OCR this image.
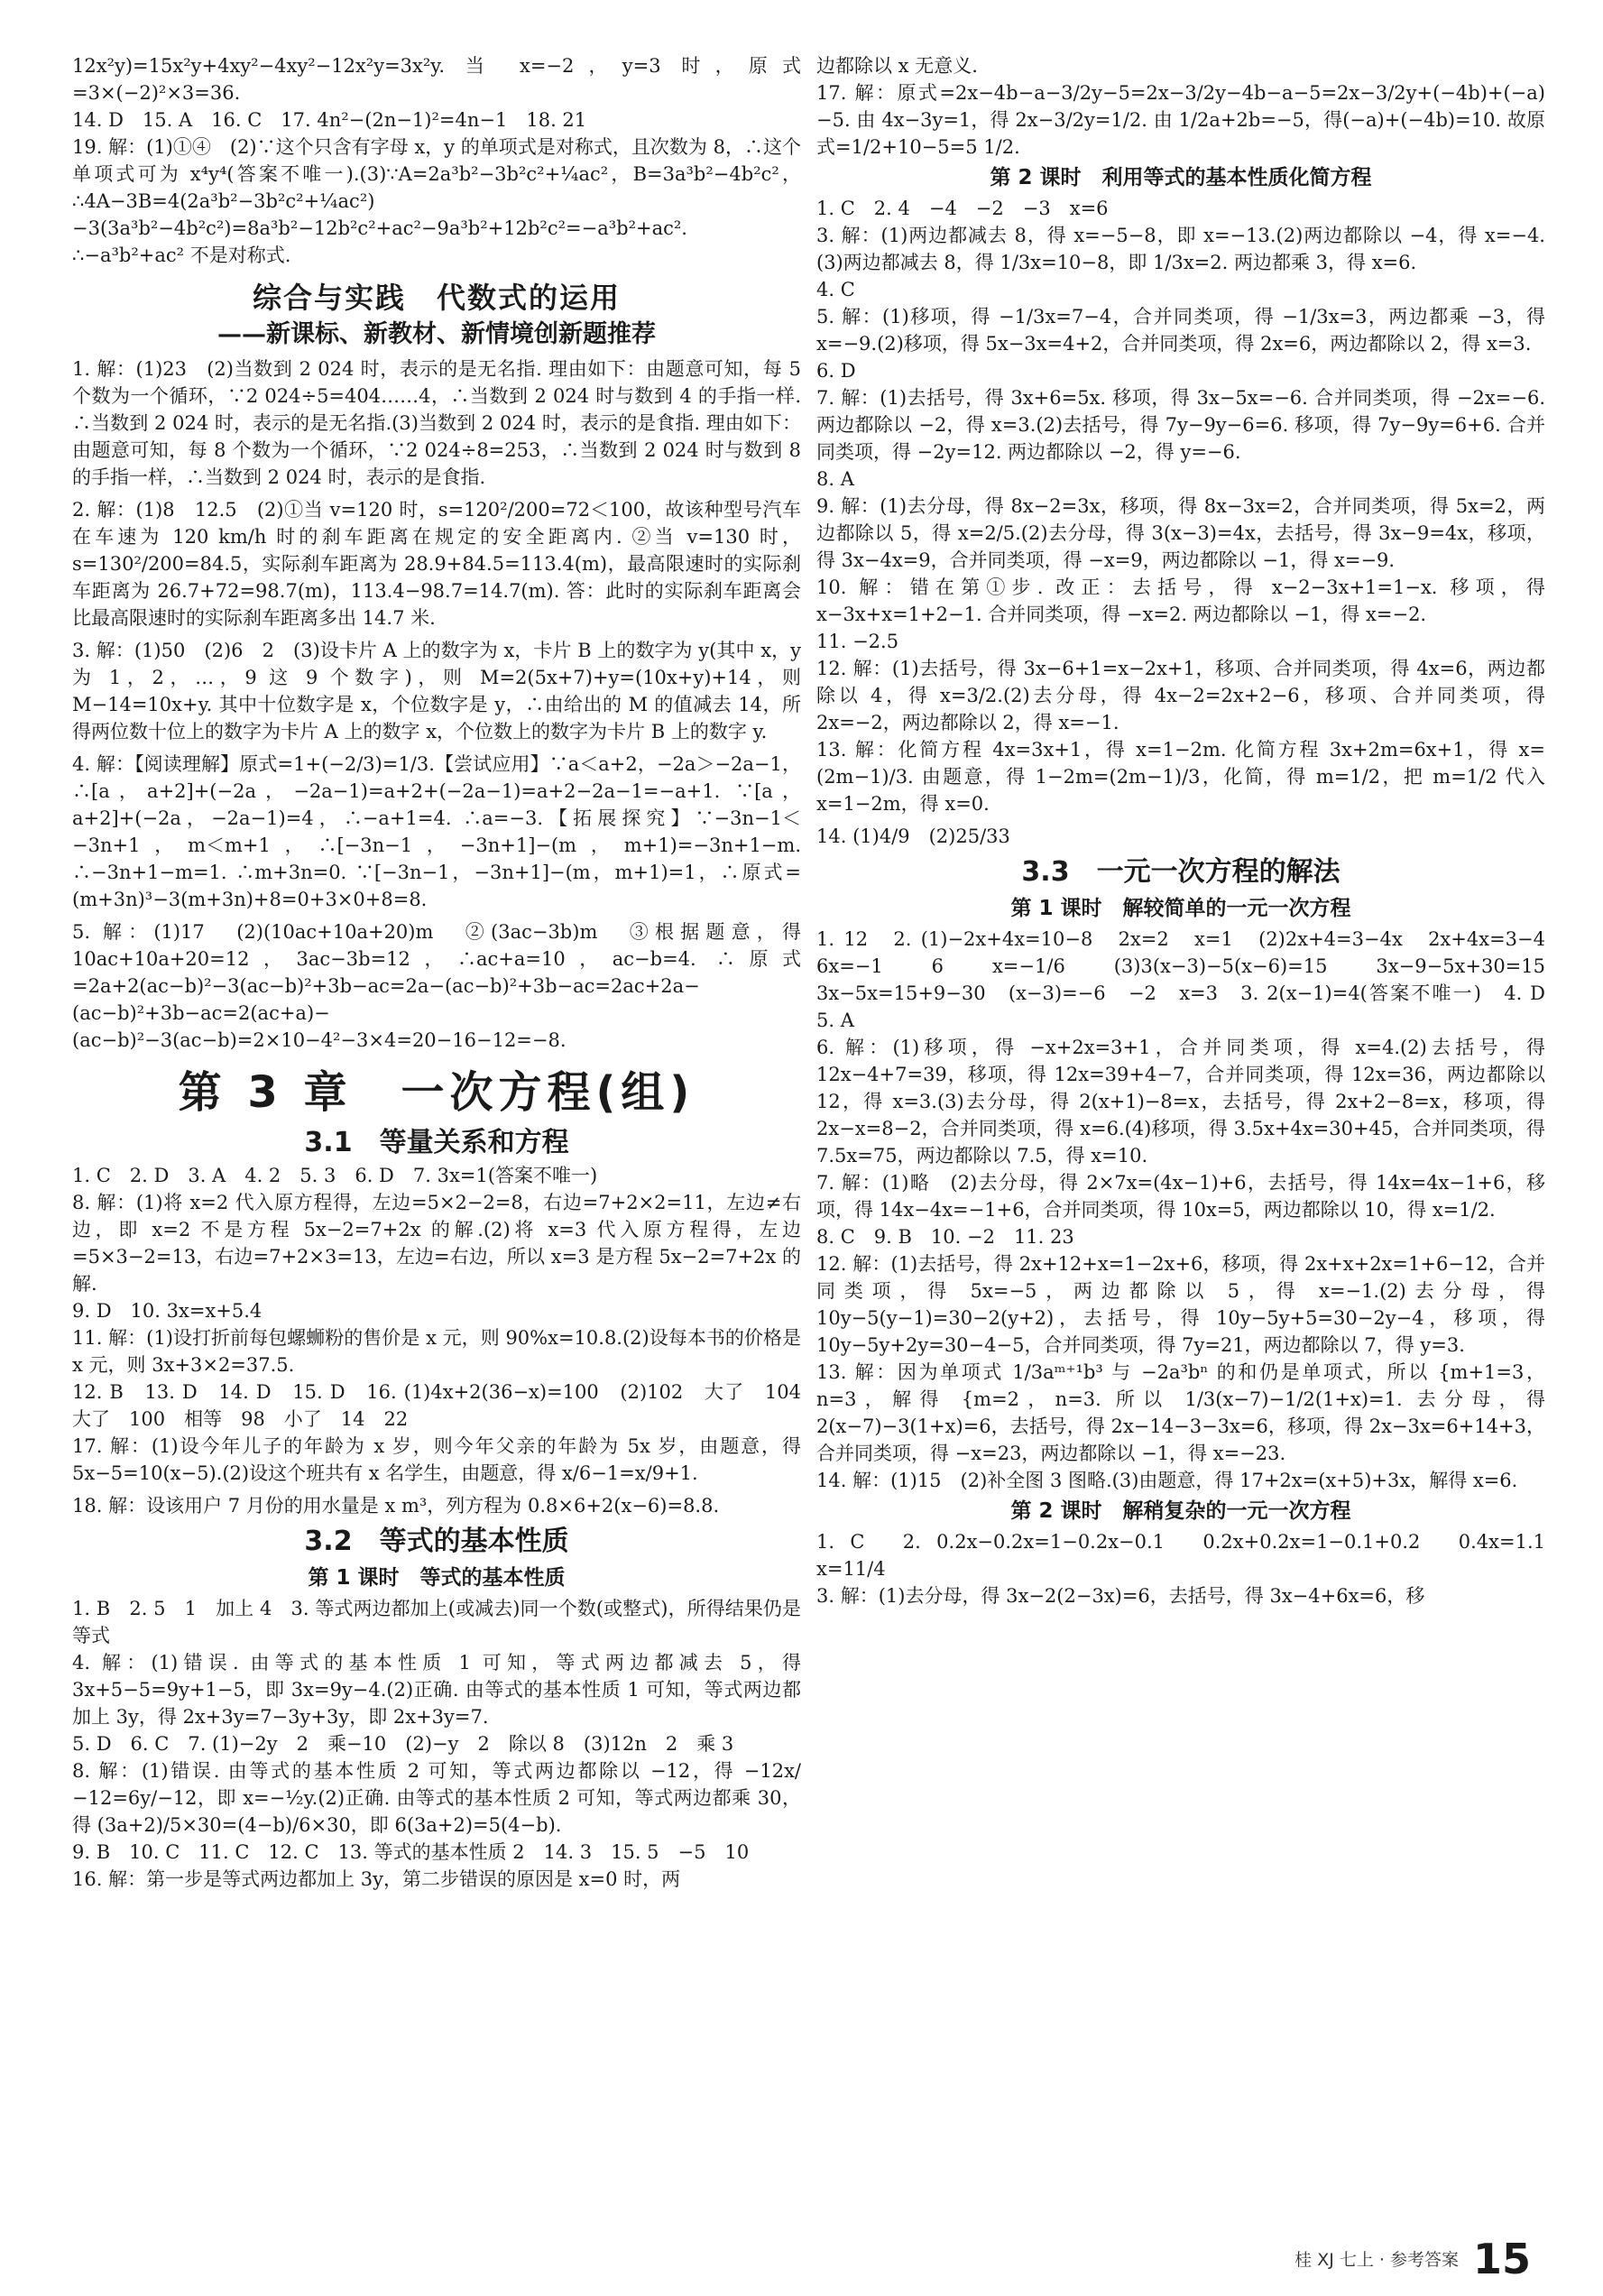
12x²y)=15x²y+4xy²−4xy²−12x²y=3x²y. 当 x=−2，y=3 时，原式=3×(−2)²×3=36.

14. D　15. A　16. C　17. 4n²−(2n−1)²=4n−1　18. 21

19. 解：(1)①④　(2)∵这个只含有字母 x，y 的单项式是对称式，且次数为 8，∴这个单项式可为 x⁴y⁴(答案不唯一).(3)∵A=2a³b²−3b²c²+¼ac²，B=3a³b²−4b²c²，∴4A−3B=4(2a³b²−3b²c²+¼ac²)−3(3a³b²−4b²c²)=8a³b²−12b²c²+ac²−9a³b²+12b²c²=−a³b²+ac². ∴−a³b²+ac² 不是对称式.

综合与实践　代数式的运用
——新课标、新教材、新情境创新题推荐

1. 解：(1)23　(2)当数到 2 024 时，表示的是无名指. 理由如下：由题意可知，每 5 个数为一个循环，∵2 024÷5=404……4，∴当数到 2 024 时与数到 4 的手指一样. ∴当数到 2 024 时，表示的是无名指.(3)当数到 2 024 时，表示的是食指. 理由如下：由题意可知，每 8 个数为一个循环，∵2 024÷8=253，∴当数到 2 024 时与数到 8 的手指一样，∴当数到 2 024 时，表示的是食指.

2. 解：(1)8　12.5　(2)①当 v=120 时，s=120²/200=72＜100，故该种型号汽车在车速为 120 km/h 时的刹车距离在规定的安全距离内. ②当 v=130 时，s=130²/200=84.5，实际刹车距离为 28.9+84.5=113.4(m)，最高限速时的实际刹车距离为 26.7+72=98.7(m)，113.4−98.7=14.7(m). 答：此时的实际刹车距离会比最高限速时的实际刹车距离多出 14.7 米.

3. 解：(1)50　(2)6　2　(3)设卡片 A 上的数字为 x，卡片 B 上的数字为 y(其中 x，y 为 1，2，…，9 这 9 个数字)，则 M=2(5x+7)+y=(10x+y)+14，则 M−14=10x+y. 其中十位数字是 x，个位数字是 y，∴由给出的 M 的值减去 14，所得两位数十位上的数字为卡片 A 上的数字 x，个位数上的数字为卡片 B 上的数字 y.

4. 解：【阅读理解】原式=1+(−2/3)=1/3.【尝试应用】∵a＜a+2，−2a＞−2a−1，∴[a，a+2]+(−2a，−2a−1)=a+2+(−2a−1)=a+2−2a−1=−a+1. ∵[a，a+2]+(−2a，−2a−1)=4，∴−a+1=4. ∴a=−3.【拓展探究】∵−3n−1＜−3n+1，m＜m+1，∴[−3n−1，−3n+1]−(m，m+1)=−3n+1−m. ∴−3n+1−m=1. ∴m+3n=0. ∵[−3n−1，−3n+1]−(m，m+1)=1，∴原式=(m+3n)³−3(m+3n)+8=0+3×0+8=8.

5. 解：(1)17　(2)(10ac+10a+20)m　②(3ac−3b)m　③根据题意，得 10ac+10a+20=12，3ac−3b=12，∴ac+a=10，ac−b=4. ∴原式=2a+2(ac−b)²−3(ac−b)²+3b−ac=2a−(ac−b)²+3b−ac=2ac+2a−(ac−b)²+3b−ac=2(ac+a)−(ac−b)²−3(ac−b)=2×10−4²−3×4=20−16−12=−8.

第 3 章　一次方程(组)
3.1　等量关系和方程

1. C　2. D　3. A　4. 2　5. 3　6. D　7. 3x=1(答案不唯一)

8. 解：(1)将 x=2 代入原方程得，左边=5×2−2=8，右边=7+2×2=11，左边≠右边，即 x=2 不是方程 5x−2=7+2x 的解.(2)将 x=3 代入原方程得，左边=5×3−2=13，右边=7+2×3=13，左边=右边，所以 x=3 是方程 5x−2=7+2x 的解.

9. D　10. 3x=x+5.4

11. 解：(1)设打折前每包螺蛳粉的售价是 x 元，则 90%x=10.8.(2)设每本书的价格是 x 元，则 3x+3×2=37.5.

12. B　13. D　14. D　15. D　16. (1)4x+2(36−x)=100　(2)102　大了　104　大了　100　相等　98　小了　14　22

17. 解：(1)设今年儿子的年龄为 x 岁，则今年父亲的年龄为 5x 岁，由题意，得 5x−5=10(x−5).(2)设这个班共有 x 名学生，由题意，得 x/6−1=x/9+1.

18. 解：设该用户 7 月份的用水量是 x m³，列方程为 0.8×6+2(x−6)=8.8.

3.2　等式的基本性质
第 1 课时　等式的基本性质

1. B　2. 5　1　加上 4　3. 等式两边都加上(或减去)同一个数(或整式)，所得结果仍是等式

4. 解：(1)错误. 由等式的基本性质 1 可知，等式两边都减去 5，得 3x+5−5=9y+1−5，即 3x=9y−4.(2)正确. 由等式的基本性质 1 可知，等式两边都加上 3y，得 2x+3y=7−3y+3y，即 2x+3y=7.

5. D　6. C　7. (1)−2y　2　乘−10　(2)−y　2　除以 8　(3)12n　2　乘 3

8. 解：(1)错误. 由等式的基本性质 2 可知，等式两边都除以 −12，得 −12x/−12=6y/−12，即 x=−½y.(2)正确. 由等式的基本性质 2 可知，等式两边都乘 30，得 (3a+2)/5×30=(4−b)/6×30，即 6(3a+2)=5(4−b).

9. B　10. C　11. C　12. C　13. 等式的基本性质 2　14. 3　15. 5　−5　10

16. 解：第一步是等式两边都加上 3y，第二步错误的原因是 x=0 时，两

边都除以 x 无意义.

17. 解：原式=2x−4b−a−3/2y−5=2x−3/2y−4b−a−5=2x−3/2y+(−4b)+(−a)−5. 由 4x−3y=1，得 2x−3/2y=1/2. 由 1/2a+2b=−5，得(−a)+(−4b)=10. 故原式=1/2+10−5=5 1/2.

第 2 课时　利用等式的基本性质化简方程

1. C　2. 4　−4　−2　−3　x=6

3. 解：(1)两边都减去 8，得 x=−5−8，即 x=−13.(2)两边都除以 −4，得 x=−4.(3)两边都减去 8，得 1/3x=10−8，即 1/3x=2. 两边都乘 3，得 x=6.

4. C

5. 解：(1)移项，得 −1/3x=7−4，合并同类项，得 −1/3x=3，两边都乘 −3，得 x=−9.(2)移项，得 5x−3x=4+2，合并同类项，得 2x=6，两边都除以 2，得 x=3.

6. D

7. 解：(1)去括号，得 3x+6=5x. 移项，得 3x−5x=−6. 合并同类项，得 −2x=−6. 两边都除以 −2，得 x=3.(2)去括号，得 7y−9y−6=6. 移项，得 7y−9y=6+6. 合并同类项，得 −2y=12. 两边都除以 −2，得 y=−6.

8. A

9. 解：(1)去分母，得 8x−2=3x，移项，得 8x−3x=2，合并同类项，得 5x=2，两边都除以 5，得 x=2/5.(2)去分母，得 3(x−3)=4x，去括号，得 3x−9=4x，移项，得 3x−4x=9，合并同类项，得 −x=9，两边都除以 −1，得 x=−9.

10. 解：错在第①步. 改正：去括号，得 x−2−3x+1=1−x. 移项，得 x−3x+x=1+2−1. 合并同类项，得 −x=2. 两边都除以 −1，得 x=−2.

11. −2.5

12. 解：(1)去括号，得 3x−6+1=x−2x+1，移项、合并同类项，得 4x=6，两边都除以 4，得 x=3/2.(2)去分母，得 4x−2=2x+2−6，移项、合并同类项，得 2x=−2，两边都除以 2，得 x=−1.

13. 解：化简方程 4x=3x+1，得 x=1−2m. 化简方程 3x+2m=6x+1，得 x=(2m−1)/3. 由题意，得 1−2m=(2m−1)/3，化简，得 m=1/2，把 m=1/2 代入 x=1−2m，得 x=0.

14. (1)4/9　(2)25/33

3.3　一元一次方程的解法
第 1 课时　解较简单的一元一次方程

1. 12　2. (1)−2x+4x=10−8　2x=2　x=1　(2)2x+4=3−4x　2x+4x=3−4　6x=−1　6　x=−1/6　(3)3(x−3)−5(x−6)=15　3x−9−5x+30=15　3x−5x=15+9−30　(x−3)=−6　−2　x=3　3. 2(x−1)=4(答案不唯一)　4. D　5. A

6. 解：(1)移项，得 −x+2x=3+1，合并同类项，得 x=4.(2)去括号，得 12x−4+7=39，移项，得 12x=39+4−7，合并同类项，得 12x=36，两边都除以 12，得 x=3.(3)去分母，得 2(x+1)−8=x，去括号，得 2x+2−8=x，移项，得 2x−x=8−2，合并同类项，得 x=6.(4)移项，得 3.5x+4x=30+45，合并同类项，得 7.5x=75，两边都除以 7.5，得 x=10.

7. 解：(1)略　(2)去分母，得 2×7x=(4x−1)+6，去括号，得 14x=4x−1+6，移项，得 14x−4x=−1+6，合并同类项，得 10x=5，两边都除以 10，得 x=1/2.

8. C　9. B　10. −2　11. 23

12. 解：(1)去括号，得 2x+12+x=1−2x+6，移项，得 2x+x+2x=1+6−12，合并同类项，得 5x=−5，两边都除以 5，得 x=−1.(2)去分母，得 10y−5(y−1)=30−2(y+2)，去括号，得 10y−5y+5=30−2y−4，移项，得 10y−5y+2y=30−4−5，合并同类项，得 7y=21，两边都除以 7，得 y=3.

13. 解：因为单项式 1/3aᵐ⁺¹b³ 与 −2a³bⁿ 的和仍是单项式，所以 {m+1=3，n=3，解得 {m=2，n=3. 所以 1/3(x−7)−1/2(1+x)=1. 去分母，得 2(x−7)−3(1+x)=6，去括号，得 2x−14−3−3x=6，移项，得 2x−3x=6+14+3，合并同类项，得 −x=23，两边都除以 −1，得 x=−23.

14. 解：(1)15　(2)补全图 3 图略.(3)由题意，得 17+2x=(x+5)+3x，解得 x=6.

第 2 课时　解稍复杂的一元一次方程

1. C　2. 0.2x−0.2x=1−0.2x−0.1　0.2x+0.2x=1−0.1+0.2　0.4x=1.1　x=11/4

3. 解：(1)去分母，得 3x−2(2−3x)=6，去括号，得 3x−4+6x=6，移

桂 XJ 七上 · 参考答案 15
